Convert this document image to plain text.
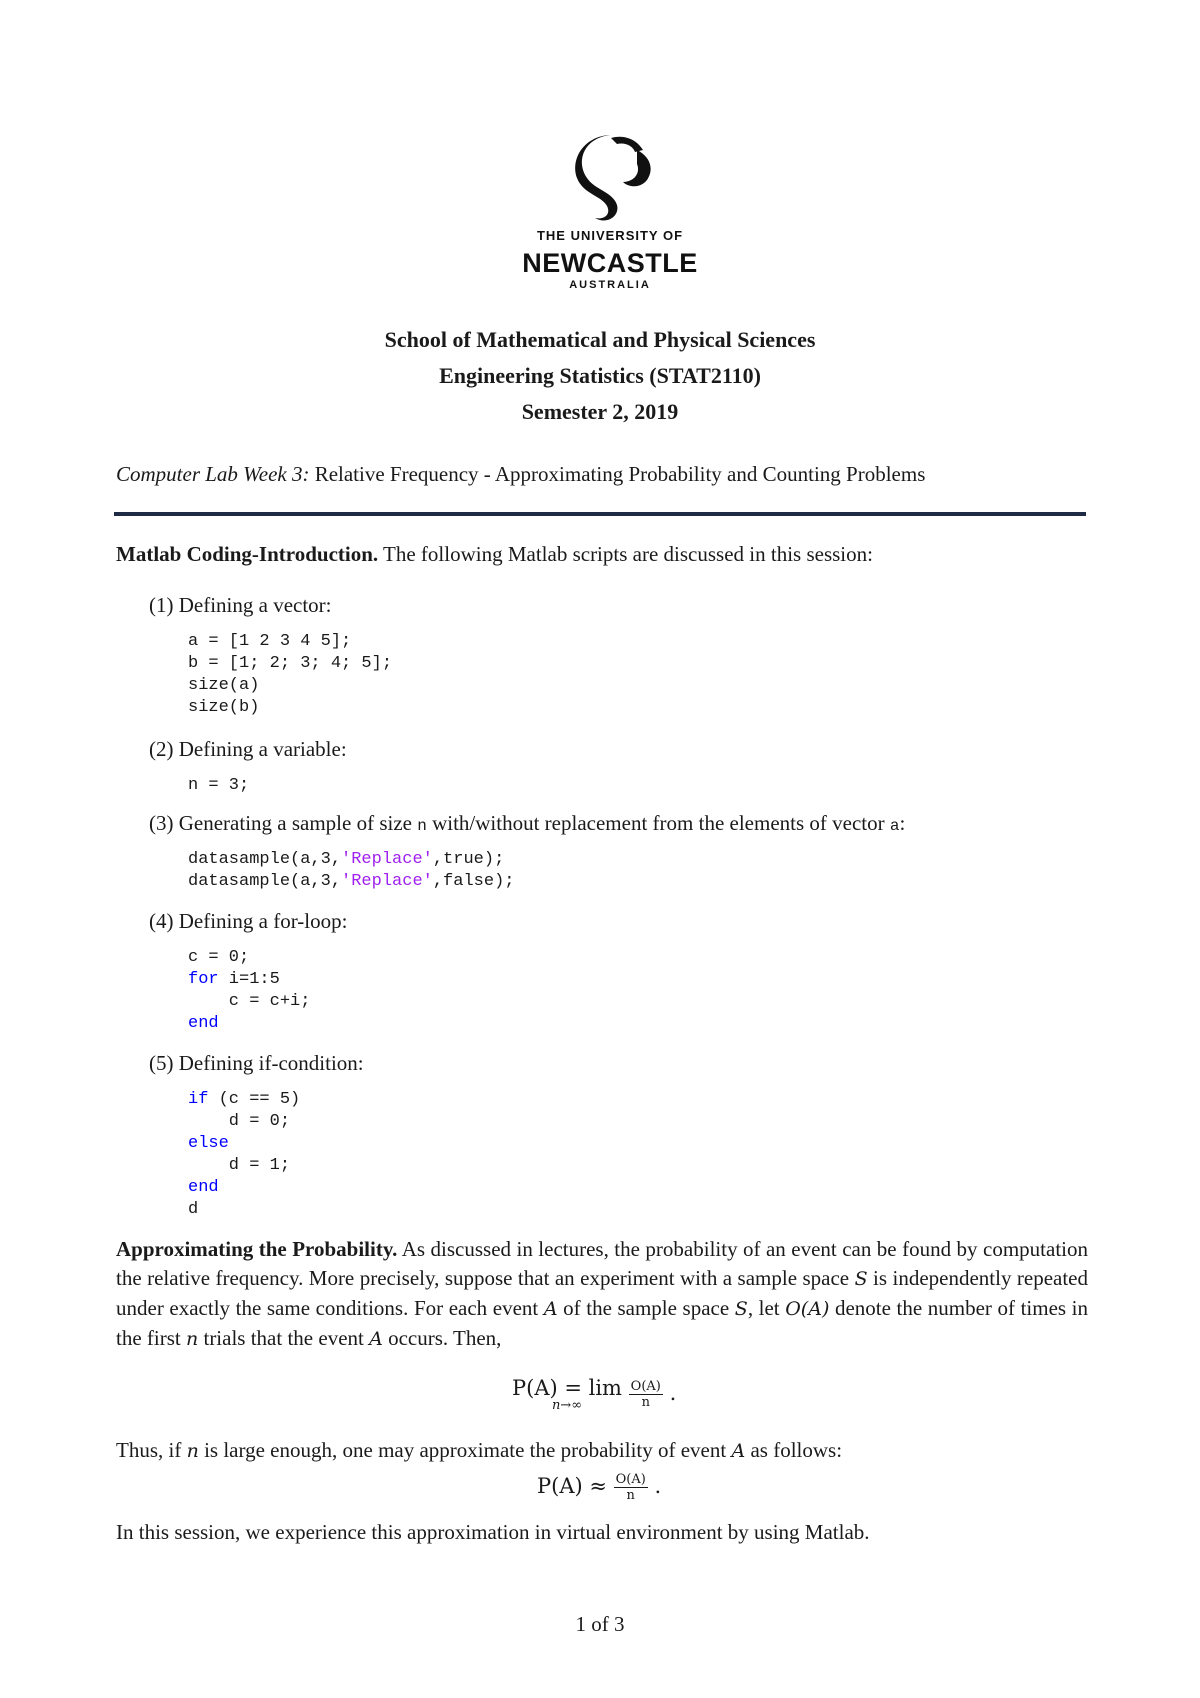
THE UNIVERSITY OF
NEWCASTLE
AUSTRALIA
School of Mathematical and Physical Sciences
Engineering Statistics (STAT2110)
Semester 2, 2019
Computer Lab Week 3: Relative Frequency - Approximating Probability and Counting Problems
Matlab Coding-Introduction. The following Matlab scripts are discussed in this session:
(1) Defining a vector:
a = [1 2 3 4 5];
b = [1; 2; 3; 4; 5];
size(a)
size(b)
(2) Defining a variable:
n = 3;
(3) Generating a sample of size n with/without replacement from the elements of vector a:
datasample(a,3,'Replace',true);
datasample(a,3,'Replace',false);
(4) Defining a for-loop:
c = 0;
for i=1:5
c = c+i;
end
(5) Defining if-condition:
if (c == 5)
d = 0;
else
d = 1;
end
d
Approximating the Probability. As discussed in lectures, the probability of an event can be found by computation the relative frequency. More precisely, suppose that an experiment with a sample space S is independently repeated under exactly the same conditions. For each event A of the sample space S, let O(A) denote the number of times in the first n trials that the event A occurs. Then,
P(A) = lim
n→∞
	$\frac{O(A)}{n}$ .
Thus, if n is large enough, one may approximate the probability of event A as follows:
$P(A) \approx \frac{O(A)}{n}$ .
In this session, we experience this approximation in virtual environment by using Matlab.
1 of 3
